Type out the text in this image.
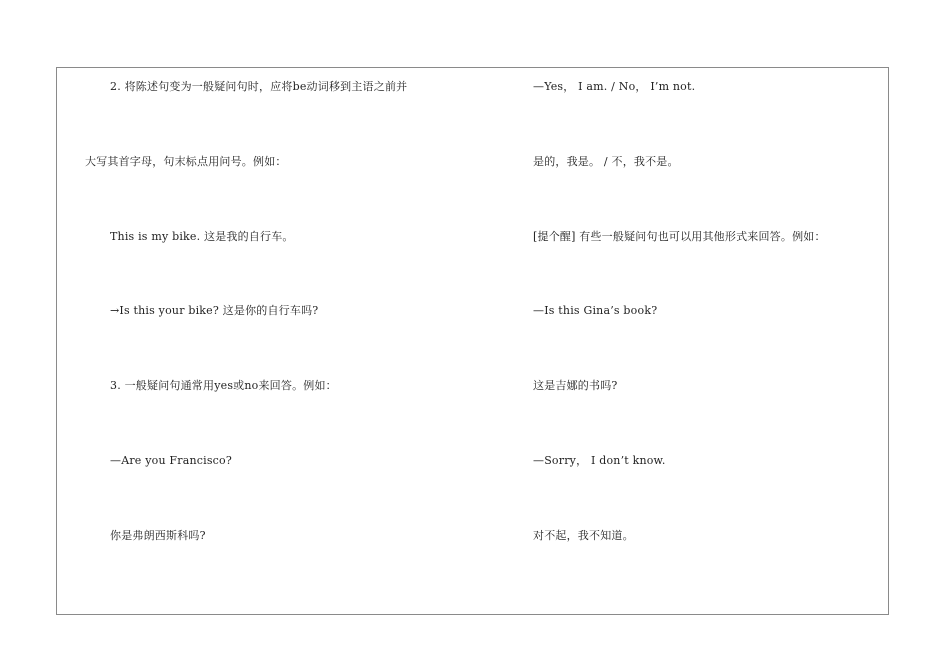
2. 将陈述句变为一般疑问句时，应将be动词移到主语之前并
大写其首字母，句末标点用问号。例如：
This is my bike. 这是我的自行车。
→Is this your bike? 这是你的自行车吗?
3. 一般疑问句通常用yes或no来回答。例如：
—Are you Francisco?
你是弗朗西斯科吗?
—Yes， I am. / No， I’m not.
是的，我是。 / 不，我不是。
[提个醒] 有些一般疑问句也可以用其他形式来回答。例如：
—Is this Gina’s book?
这是吉娜的书吗?
—Sorry， I don’t know.
对不起，我不知道。
